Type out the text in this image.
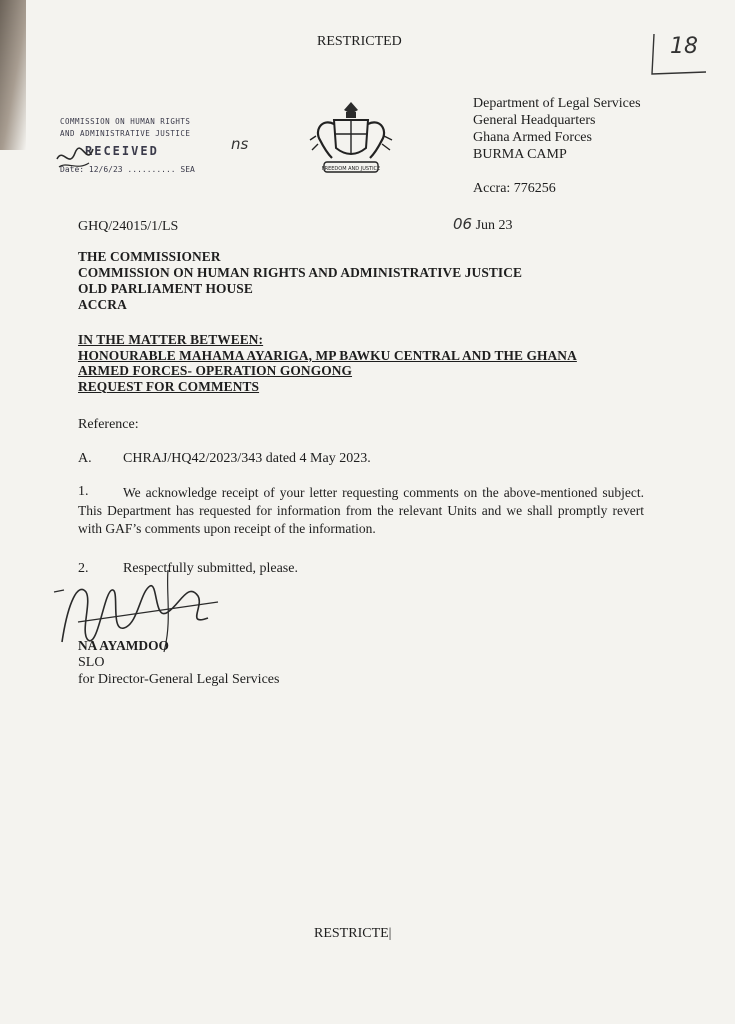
RESTRICTED	18
COMMISSION ON HUMAN RIGHTS
AND ADMINISTRATIVE JUSTICE
RECEIVED
Date: 12/6/23 .......... SEA
ns
FREEDOM AND JUSTICE
Department of Legal Services
General Headquarters
Ghana Armed Forces
BURMA CAMP
Accra: 776256
GHQ/24015/1/LS	06 Jun 23
THE COMMISSIONER
COMMISSION ON HUMAN RIGHTS AND ADMINISTRATIVE JUSTICE
OLD PARLIAMENT HOUSE
ACCRA
IN THE MATTER BETWEEN:
HONOURABLE MAHAMA AYARIGA, MP BAWKU CENTRAL AND THE GHANA
ARMED FORCES- OPERATION GONGONG
REQUEST FOR COMMENTS
Reference:
A. CHRAJ/HQ42/2023/343 dated 4 May 2023.
1.	We acknowledge receipt of your letter requesting comments on the above-mentioned subject. This Department has requested for information from the relevant Units and we shall promptly revert with GAF’s comments upon receipt of the information.
2. Respectfully submitted, please.
NA AYAMDOO
SLO
for Director-General Legal Services
RESTRICTE|
